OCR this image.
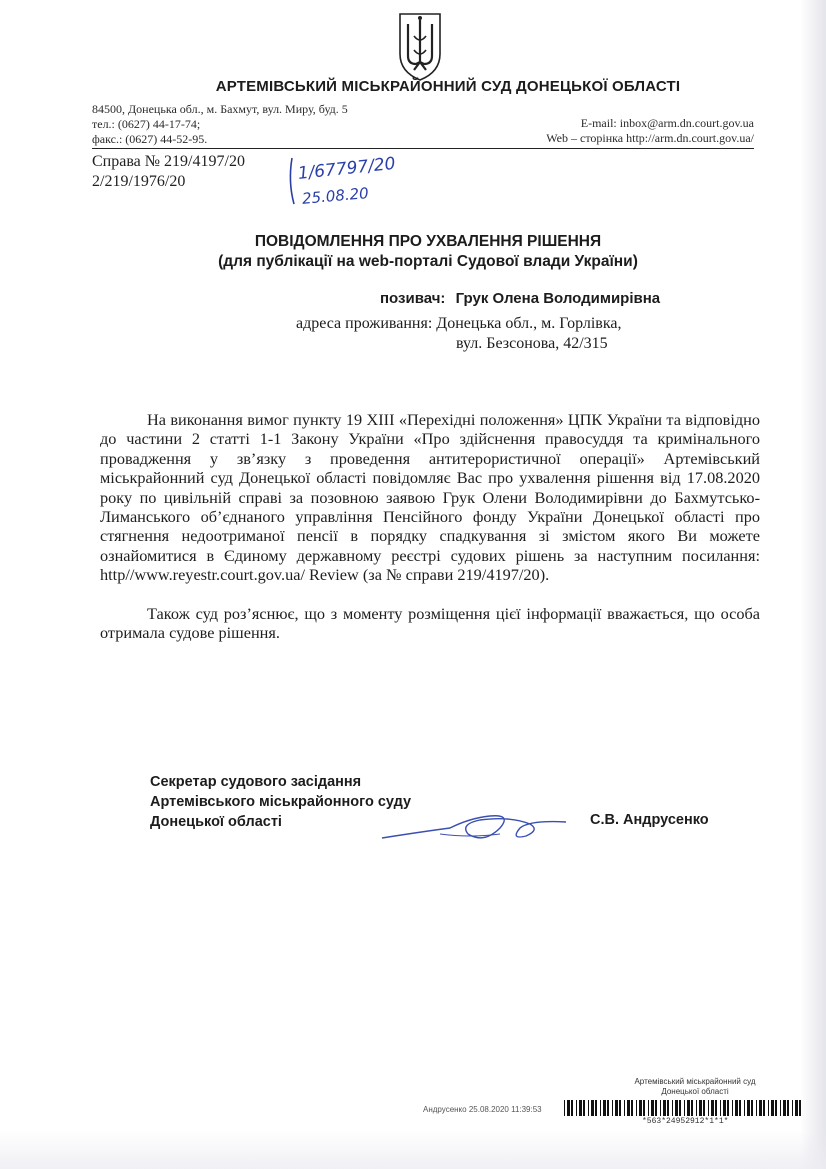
АРТЕМІВСЬКИЙ МІСЬКРАЙОННИЙ СУД ДОНЕЦЬКОЇ ОБЛАСТІ
84500, Донецька обл., м. Бахмут, вул. Миру, буд. 5
тел.: (0627) 44-17-74;
факс.: (0627) 44-52-95.
E-mail: inbox@arm.dn.court.gov.ua
Web – сторінка http://arm.dn.court.gov.ua/
Справа № 219/4197/20
2/219/1976/20	1/67797/20
25.08.20
ПОВІДОМЛЕННЯ ПРО УХВАЛЕННЯ РІШЕННЯ
(для публікації на web-порталі Судової влади України)
позивач: Грук Олена Володимирівна
адреса проживання: Донецька обл., м. Горлівка,
вул. Безсонова, 42/315

На виконання вимог пункту 19 ХІІІ «Перехідні положення» ЦПК України та відповідно до частини 2 статті 1-1 Закону України «Про здійснення правосуддя та кримінального провадження у зв’язку з проведення антитерористичної операції» Артемівський міськрайонний суд Донецької області повідомляє Вас про ухвалення рішення від 17.08.2020 року по цивільній справі за позовною заявою Грук Олени Володимирівни до Бахмутсько-Лиманського об’єднаного управління Пенсійного фонду України Донецької області про стягнення недоотриманої пенсії в порядку спадкування зі змістом якого Ви можете ознайомитися в Єдиному державному реєстрі судових рішень за наступним посилання: http//www.reyestr.court.gov.ua/ Review (за № справи 219/4197/20).

Також суд роз’яснює, що з моменту розміщення цієї інформації вважається, що особа отримала судове рішення.

Секретар судового засідання
Артемівського міськрайонного суду
Донецької області	С.В. Андрусенко
Артемівський міськрайонний суд
Донецької області
Андрусенко 25.08.2020 11:39:53
*563*24952912*1*1*
